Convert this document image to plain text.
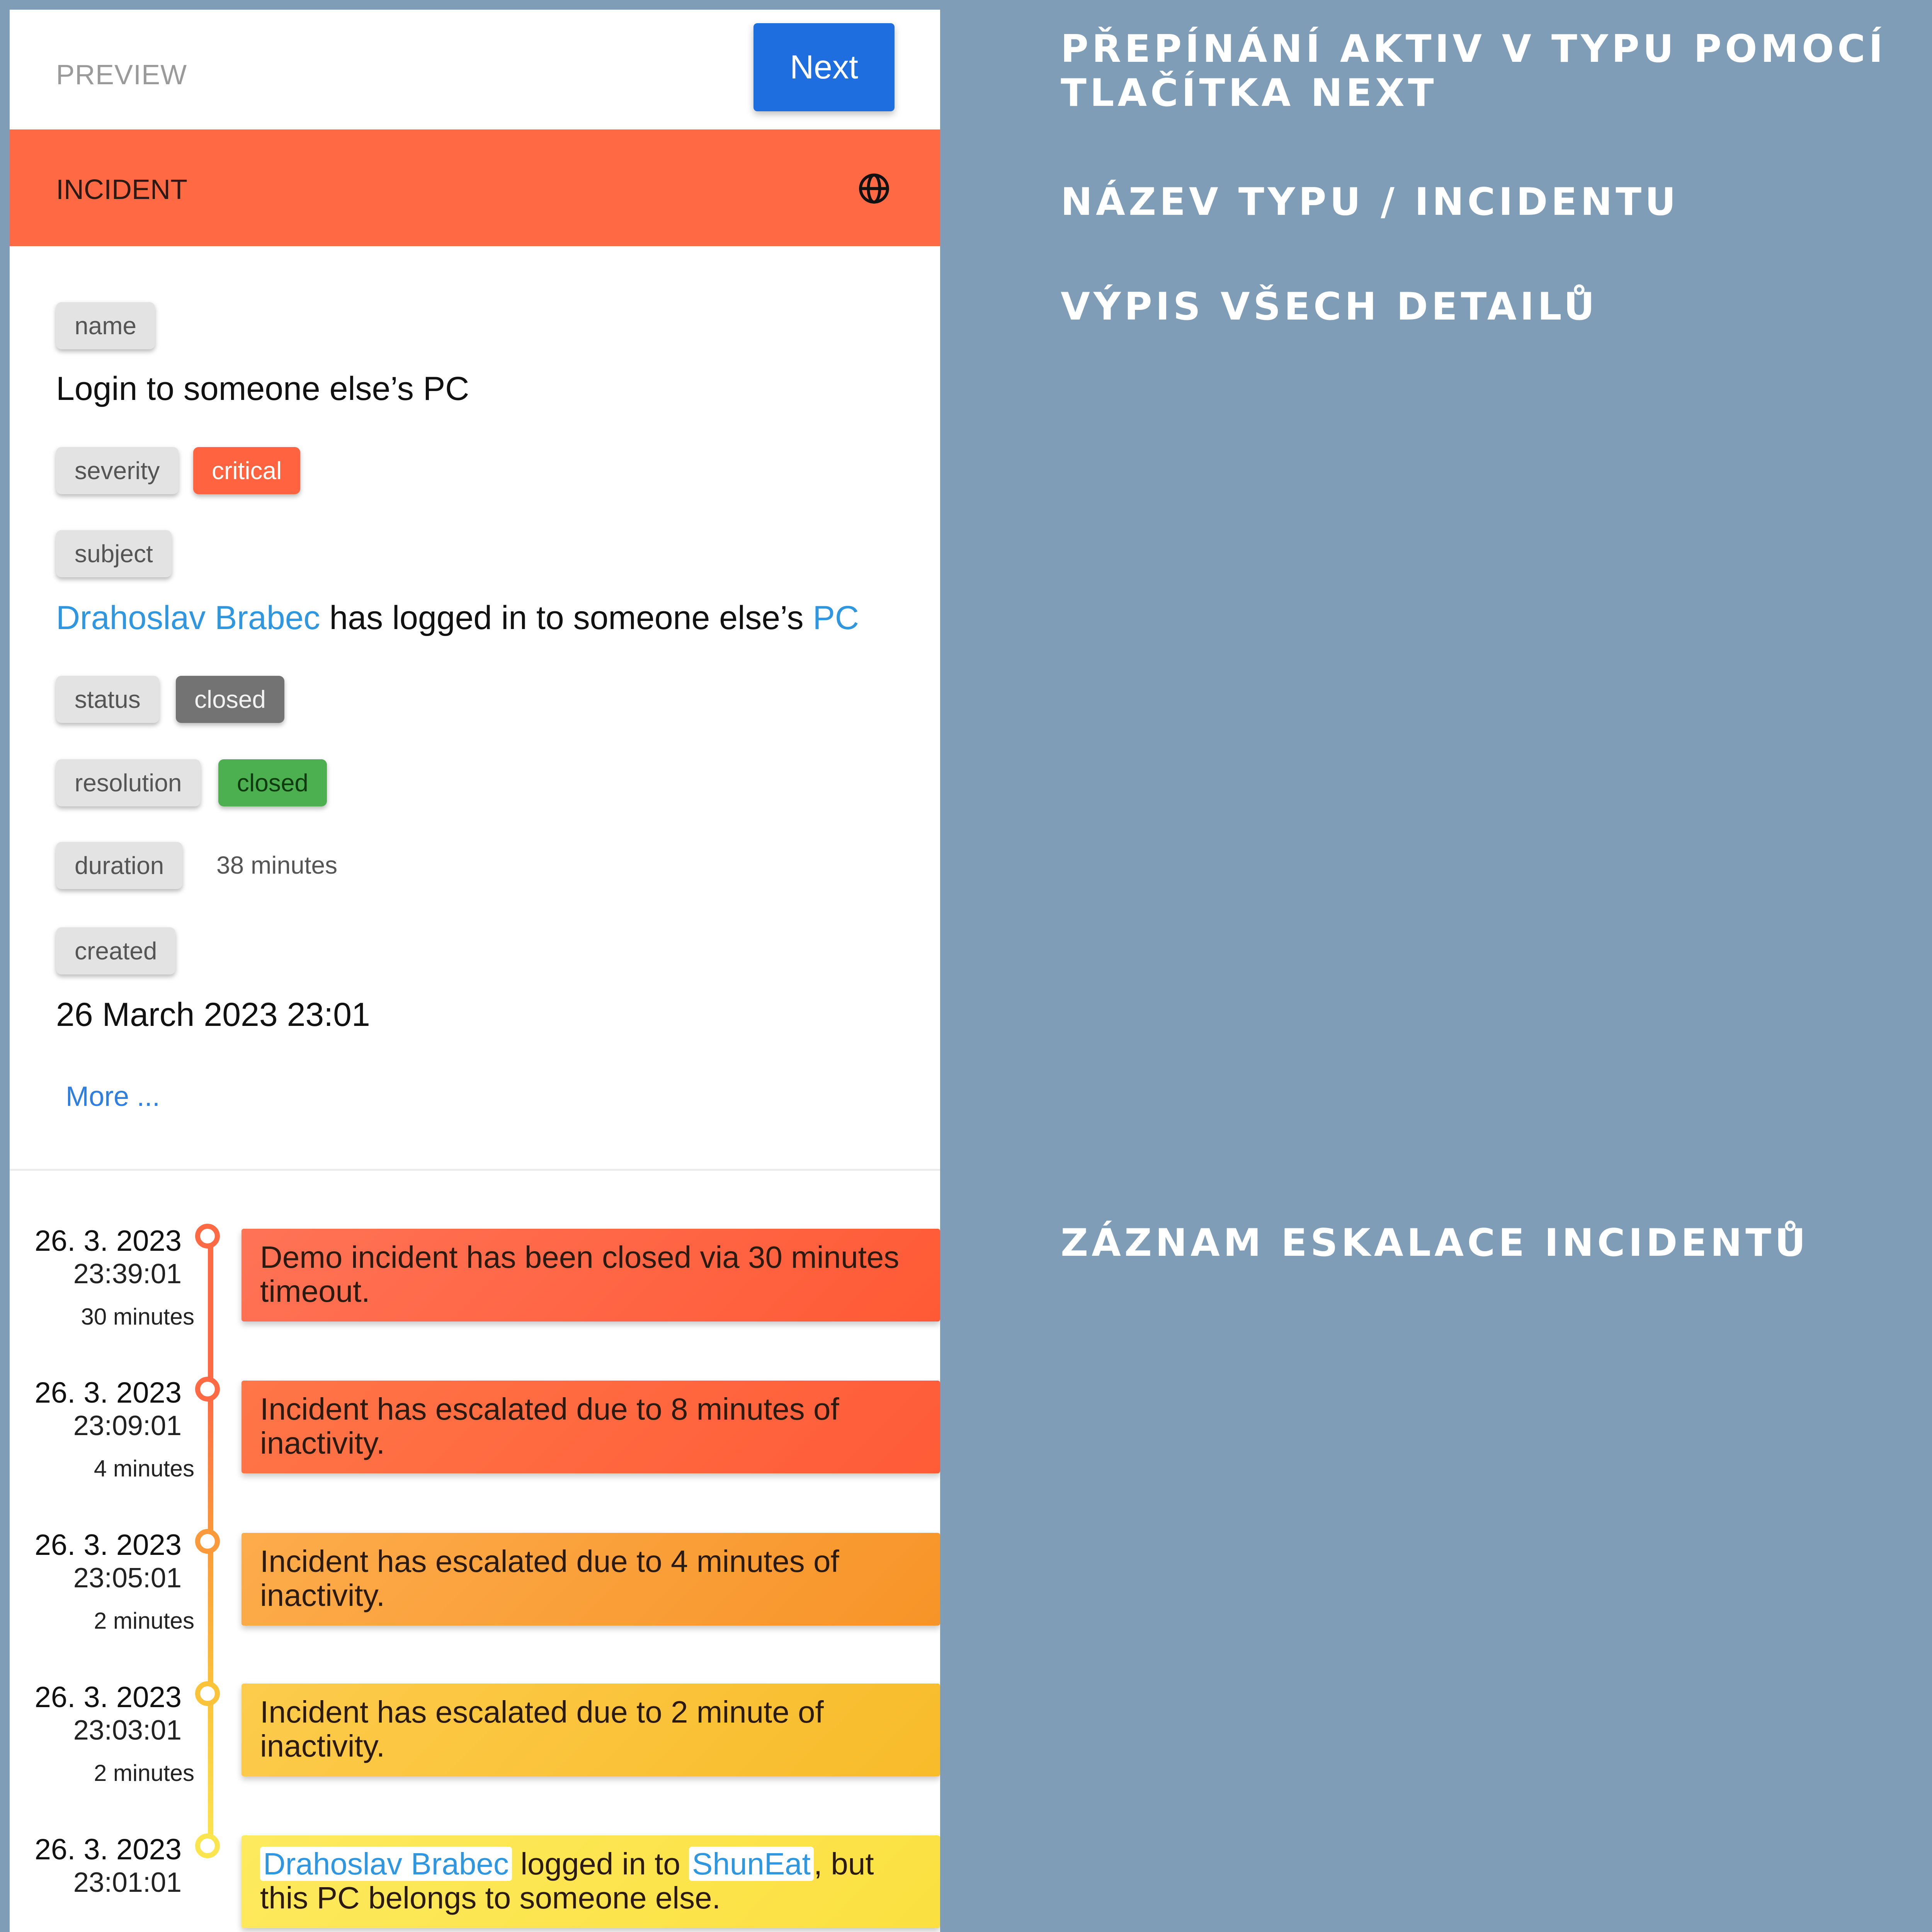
PREVIEW	Next
INCIDENT
name
Login to someone else’s PC
severity	critical
subject
Drahoslav Brabec has logged in to someone else’s PC
status	closed
resolution	closed
duration	38 minutes
created
26 March 2023 23:01
More ...
26. 3. 2023
23:39:01
30 minutes
Demo incident has been closed via 30 minutes timeout.
26. 3. 2023
23:09:01
4 minutes
Incident has escalated due to 8 minutes of inactivity.
26. 3. 2023
23:05:01
2 minutes
Incident has escalated due to 4 minutes of inactivity.
26. 3. 2023
23:03:01
2 minutes
Incident has escalated due to 2 minute of inactivity.
26. 3. 2023
23:01:01
Drahoslav Brabec logged in to ShunEat , but this PC belongs to someone else.
PŘEPÍNÁNÍ AKTIV V TYPU POMOCÍ TLAČÍTKA NEXT
NÁZEV TYPU / INCIDENTU
VÝPIS VŠECH DETAILŮ
ZÁZNAM ESKALACE INCIDENTŮ
